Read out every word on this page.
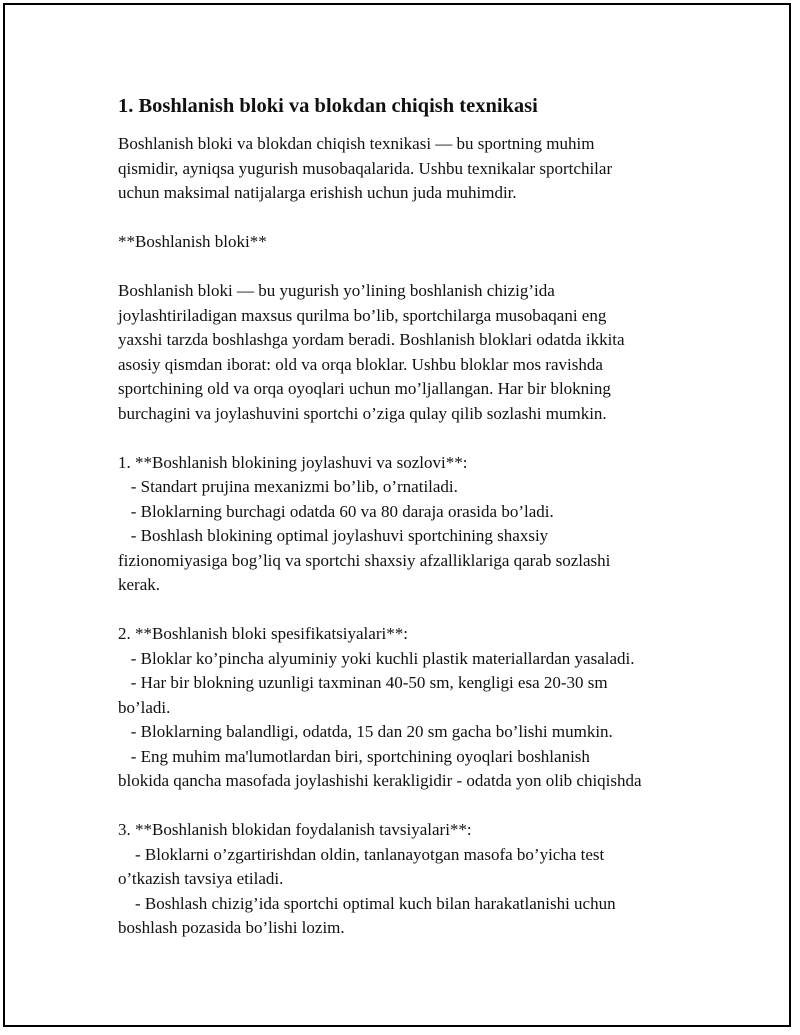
1. Boshlanish bloki va blokdan chiqish texnikasi
Boshlanish bloki va blokdan chiqish texnikasi — bu sportning muhim
qismidir, ayniqsa yugurish musobaqalarida. Ushbu texnikalar sportchilar
uchun maksimal natijalarga erishish uchun juda muhimdir.
**Boshlanish bloki**
Boshlanish bloki — bu yugurish yo’lining boshlanish chizig’ida
joylashtiriladigan maxsus qurilma bo’lib, sportchilarga musobaqani eng
yaxshi tarzda boshlashga yordam beradi. Boshlanish bloklari odatda ikkita
asosiy qismdan iborat: old va orqa bloklar. Ushbu bloklar mos ravishda
sportchining old va orqa oyoqlari uchun mo’ljallangan. Har bir blokning
burchagini va joylashuvini sportchi o’ziga qulay qilib sozlashi mumkin.
1. **Boshlanish blokining joylashuvi va sozlovi**:
- Standart prujina mexanizmi bo’lib, o’rnatiladi.
- Bloklarning burchagi odatda 60 va 80 daraja orasida bo’ladi.
- Boshlash blokining optimal joylashuvi sportchining shaxsiy
fizionomiyasiga bog’liq va sportchi shaxsiy afzalliklariga qarab sozlashi
kerak.
2. **Boshlanish bloki spesifikatsiyalari**:
- Bloklar ko’pincha alyuminiy yoki kuchli plastik materiallardan yasaladi.
- Har bir blokning uzunligi taxminan 40-50 sm, kengligi esa 20-30 sm
bo’ladi.
- Bloklarning balandligi, odatda, 15 dan 20 sm gacha bo’lishi mumkin.
- Eng muhim ma'lumotlardan biri, sportchining oyoqlari boshlanish
blokida qancha masofada joylashishi kerakligidir - odatda yon olib chiqishda
3. **Boshlanish blokidan foydalanish tavsiyalari**:
- Bloklarni o’zgartirishdan oldin, tanlanayotgan masofa bo’yicha test
o’tkazish tavsiya etiladi.
- Boshlash chizig’ida sportchi optimal kuch bilan harakatlanishi uchun
boshlash pozasida bo’lishi lozim.
